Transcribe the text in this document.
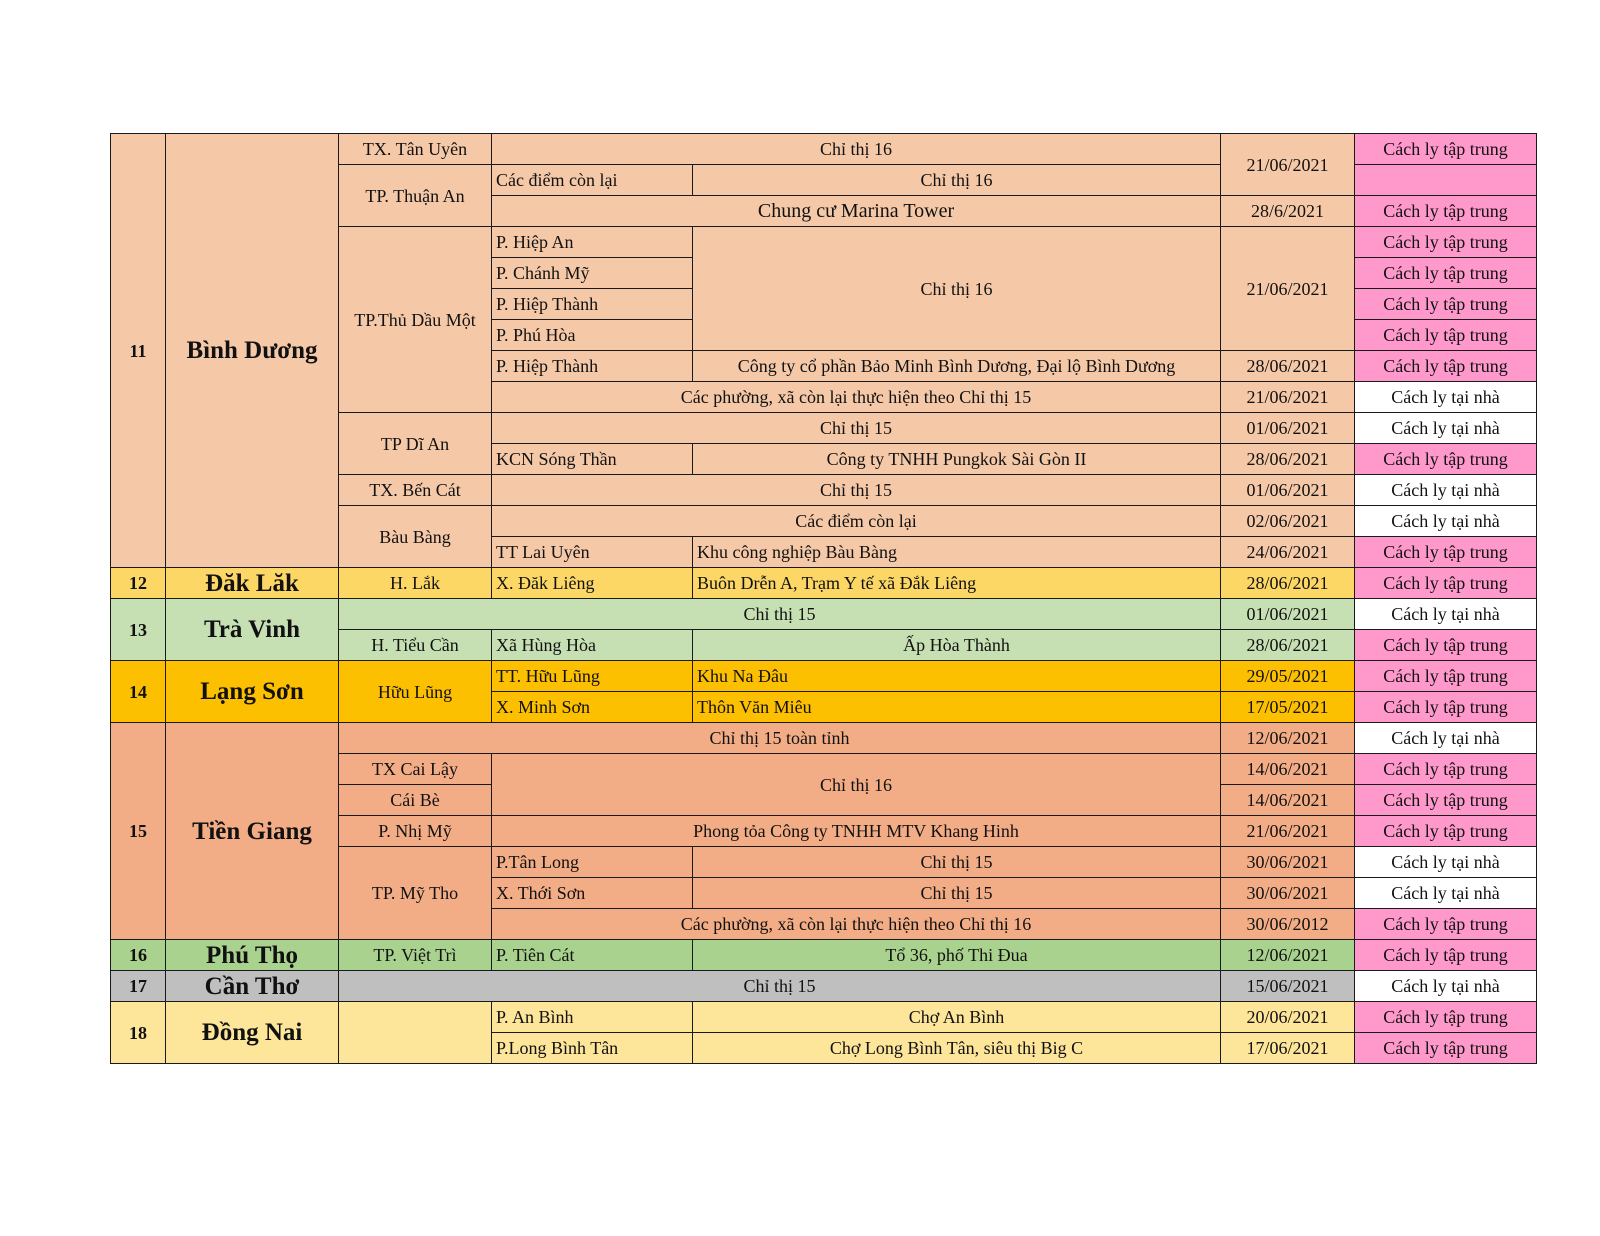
11	Bình Dương	TX. Tân Uyên	Chỉ thị 16		21/06/2021	Cách ly tập trung
		TP. Thuận An	Các điểm còn lại	Chỉ thị 16		
			Chung cư Marina Tower		28/6/2021	Cách ly tập trung
		TP.Thủ Dầu Một	P. Hiệp An	Chỉ thị 16	21/06/2021	Cách ly tập trung
			P. Chánh Mỹ			Cách ly tập trung
			P. Hiệp Thành			Cách ly tập trung
			P. Phú Hòa			Cách ly tập trung
			P. Hiệp Thành	Công ty cổ phần Bảo Minh Bình Dương, Đại lộ Bình Dương	28/06/2021	Cách ly tập trung
			Các phường, xã còn lại thực hiện theo Chỉ thị 15		21/06/2021	Cách ly tại nhà
		TP Dĩ An	Chỉ thị 15		01/06/2021	Cách ly tại nhà
			KCN Sóng Thần	Công ty TNHH Pungkok Sài Gòn II	28/06/2021	Cách ly tập trung
		TX. Bến Cát	Chỉ thị 15		01/06/2021	Cách ly tại nhà
		Bàu Bàng	Các điểm còn lại		02/06/2021	Cách ly tại nhà
			TT Lai Uyên	Khu công nghiệp Bàu Bàng	24/06/2021	Cách ly tập trung
12	Đăk Lăk	H. Lắk	X. Đăk Liêng	Buôn Drễn A, Trạm Y tế xã Đắk Liêng	28/06/2021	Cách ly tập trung
13	Trà Vinh	Chỉ thị 15			01/06/2021	Cách ly tại nhà
		H. Tiểu Cần	Xã Hùng Hòa	Ấp Hòa Thành	28/06/2021	Cách ly tập trung
14	Lạng Sơn	Hữu Lũng	TT. Hữu Lũng	Khu Na Đâu	29/05/2021	Cách ly tập trung
			X. Minh Sơn	Thôn Văn Miêu	17/05/2021	Cách ly tập trung
15	Tiền Giang	Chỉ thị 15 toàn tỉnh			12/06/2021	Cách ly tại nhà
		TX Cai Lậy	Chỉ thị 16		14/06/2021	Cách ly tập trung
		Cái Bè			14/06/2021	Cách ly tập trung
		P. Nhị Mỹ	Phong tỏa Công ty TNHH MTV Khang Hinh		21/06/2021	Cách ly tập trung
		TP. Mỹ Tho	P.Tân Long	Chỉ thị 15	30/06/2021	Cách ly tại nhà
			X. Thới Sơn	Chỉ thị 15	30/06/2021	Cách ly tại nhà
			Các phường, xã còn lại thực hiện theo Chỉ thị 16		30/06/2012	Cách ly tập trung
16	Phú Thọ	TP. Việt Trì	P. Tiên Cát	Tổ 36, phố Thi Đua	12/06/2021	Cách ly tập trung
17	Cần Thơ	Chỉ thị 15			15/06/2021	Cách ly tại nhà
18	Đồng Nai		P. An Bình	Chợ An Bình	20/06/2021	Cách ly tập trung
			P.Long Bình Tân	Chợ Long Bình Tân, siêu thị Big C	17/06/2021	Cách ly tập trung
